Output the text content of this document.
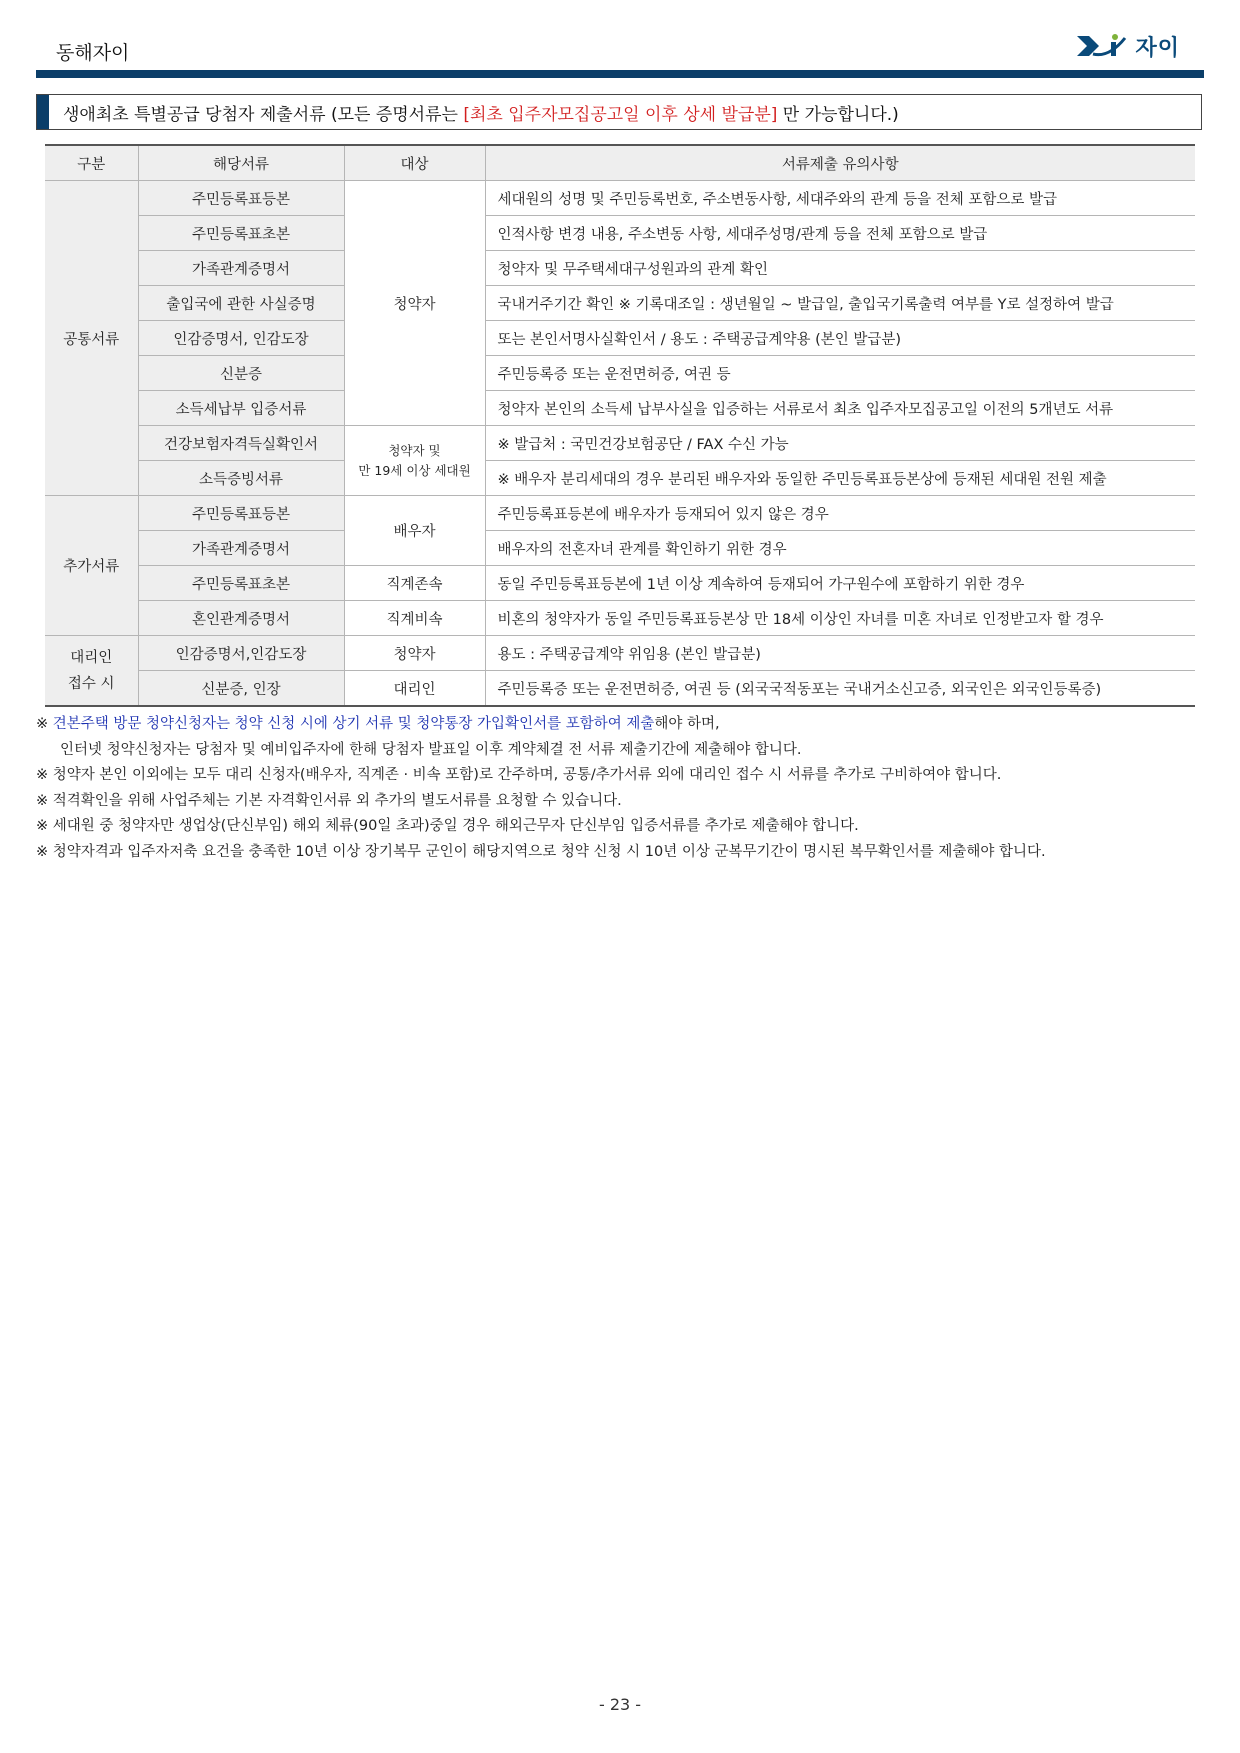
동해자이	자이
생애최초 특별공급 당첨자 제출서류 (모든 증명서류는 [최초 입주자모집공고일 이후 상세 발급분] 만 가능합니다.)
구분	해당서류	대상	서류제출 유의사항
공통서류	주민등록표등본	청약자	세대원의 성명 및 주민등록번호, 주소변동사항, 세대주와의 관계 등을 전체 포함으로 발급
	주민등록표초본		인적사항 변경 내용, 주소변동 사항, 세대주성명/관계 등을 전체 포함으로 발급
	가족관계증명서		청약자 및 무주택세대구성원과의 관계 확인
	출입국에 관한 사실증명		국내거주기간 확인 ※ 기록대조일 : 생년월일 ~ 발급일, 출입국기록출력 여부를 Y로 설정하여 발급
	인감증명서, 인감도장		또는 본인서명사실확인서 / 용도 : 주택공급계약용 (본인 발급분)
	신분증		주민등록증 또는 운전면허증, 여권 등
	소득세납부 입증서류		청약자 본인의 소득세 납부사실을 입증하는 서류로서 최초 입주자모집공고일 이전의 5개년도 서류
	건강보험자격득실확인서	청약자 및
만 19세 이상 세대원	※ 발급처 : 국민건강보험공단 / FAX 수신 가능
	소득증빙서류		※ 배우자 분리세대의 경우 분리된 배우자와 동일한 주민등록표등본상에 등재된 세대원 전원 제출
추가서류	주민등록표등본	배우자	주민등록표등본에 배우자가 등재되어 있지 않은 경우
	가족관계증명서		배우자의 전혼자녀 관계를 확인하기 위한 경우
	주민등록표초본	직계존속	동일 주민등록표등본에 1년 이상 계속하여 등재되어 가구원수에 포함하기 위한 경우
	혼인관계증명서	직계비속	비혼의 청약자가 동일 주민등록표등본상 만 18세 이상인 자녀를 미혼 자녀로 인정받고자 할 경우
대리인
접수 시	인감증명서,인감도장	청약자	용도 : 주택공급계약 위임용 (본인 발급분)
	신분증, 인장	대리인	주민등록증 또는 운전면허증, 여권 등 (외국국적동포는 국내거소신고증, 외국인은 외국인등록증)
※ 견본주택 방문 청약신청자는 청약 신청 시에 상기 서류 및 청약통장 가입확인서를 포함하여 제출해야 하며,
인터넷 청약신청자는 당첨자 및 예비입주자에 한해 당첨자 발표일 이후 계약체결 전 서류 제출기간에 제출해야 합니다.
※ 청약자 본인 이외에는 모두 대리 신청자(배우자, 직계존 · 비속 포함)로 간주하며, 공통/추가서류 외에 대리인 접수 시 서류를 추가로 구비하여야 합니다.
※ 적격확인을 위해 사업주체는 기본 자격확인서류 외 추가의 별도서류를 요청할 수 있습니다.
※ 세대원 중 청약자만 생업상(단신부임) 해외 체류(90일 초과)중일 경우 해외근무자 단신부임 입증서류를 추가로 제출해야 합니다.
※ 청약자격과 입주자저축 요건을 충족한 10년 이상 장기복무 군인이 해당지역으로 청약 신청 시 10년 이상 군복무기간이 명시된 복무확인서를 제출해야 합니다.
- 23 -
